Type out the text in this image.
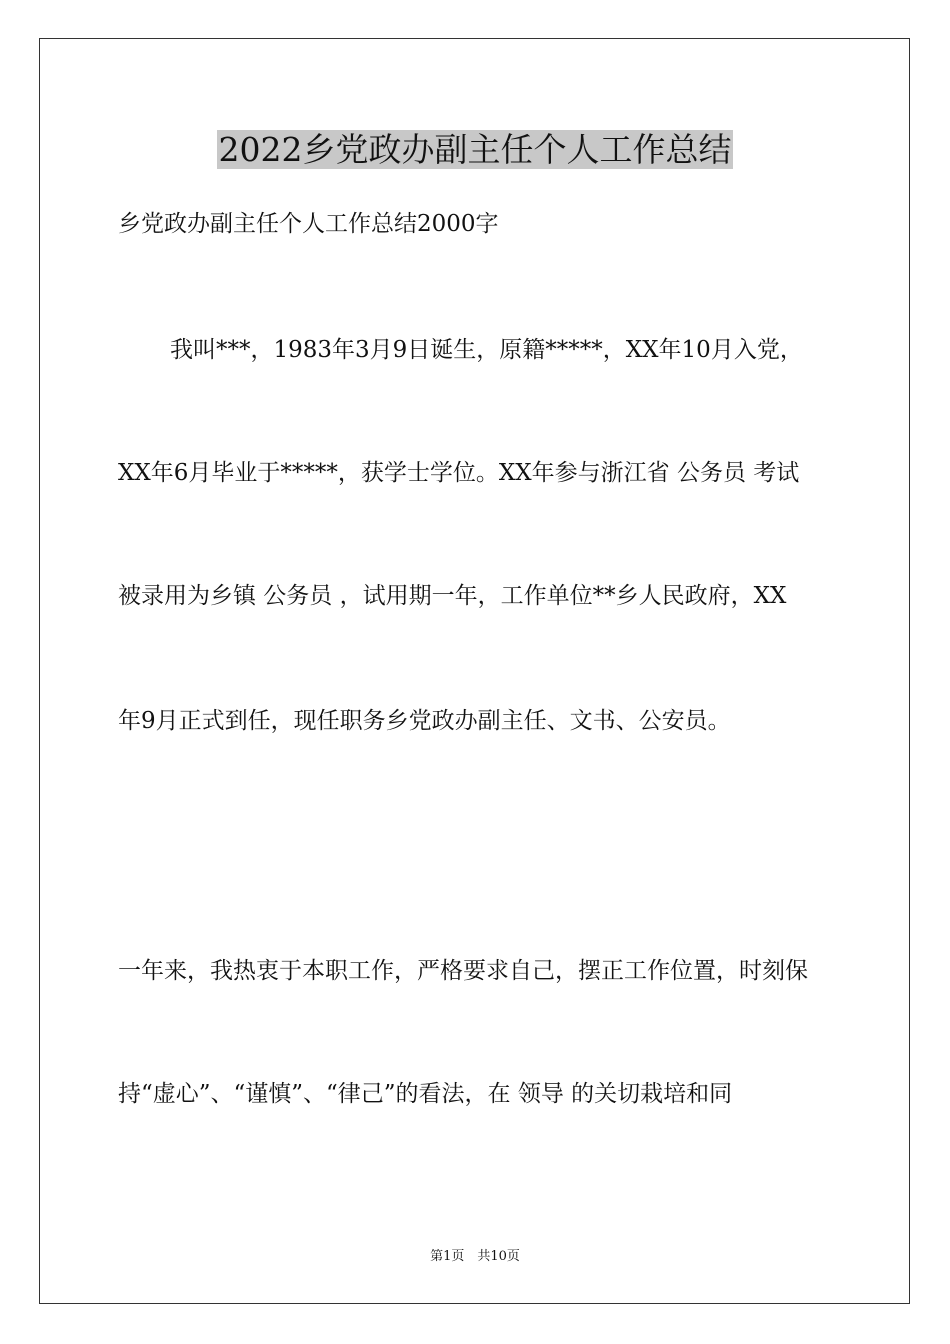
2022乡党政办副主任个人工作总结
乡党政办副主任个人工作总结2000字
我叫***，1983年3月9日诞生，原籍*****，XX年10月入党，
XX年6月毕业于*****，获学士学位。XX年参与浙江省 公务员 考试
被录用为乡镇 公务员 ，试用期一年，工作单位**乡人民政府，XX
年9月正式到任，现任职务乡党政办副主任、文书、公安员。
一年来，我热衷于本职工作，严格要求自己，摆正工作位置，时刻保
持“虚心”、“谨慎”、“律己”的看法，在 领导 的关切栽培和同
第1页　共10页
